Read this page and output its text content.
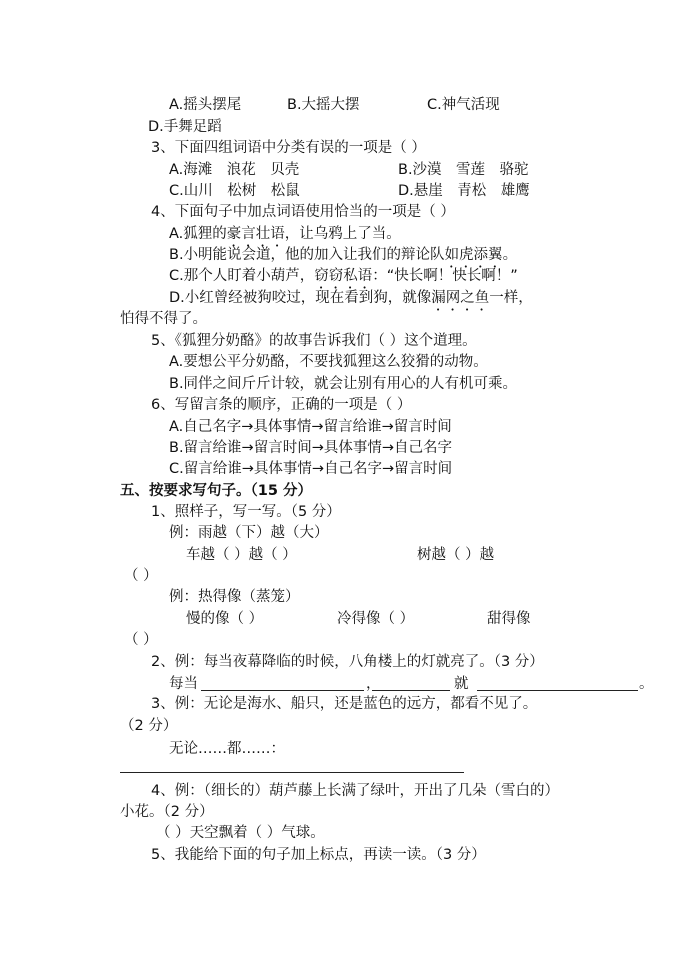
A.摇头摆尾	B.大摇大摆	C.神气活现
D.手舞足蹈
3、下面四组词语中分类有误的一项是（ ）
A.海滩　浪花　贝壳	B.沙漠　雪莲　骆驼
C.山川　松树　松鼠	D.悬崖　青松　雄鹰
4、下面句子中加点词语使用恰当的一项是（ ）
A.狐狸的豪言壮语，让乌鸦上了当。
B.小明能说会道，他的加入让我们的辩论队如虎添翼。
C.那个人盯着小葫芦，窃窃私语：“快长啊！快长啊！”
D.小红曾经被狗咬过，现在看到狗，就像漏网之鱼一样，
怕得不得了。
5、《狐狸分奶酪》的故事告诉我们（ ）这个道理。
A.要想公平分奶酪，不要找狐狸这么狡猾的动物。
B.同伴之间斤斤计较，就会让别有用心的人有机可乘。
6、写留言条的顺序，正确的一项是（ ）
A.自己名字→具体事情→留言给谁→留言时间
B.留言给谁→留言时间→具体事情→自己名字
C.留言给谁→具体事情→自己名字→留言时间
五、按要求写句子。（15 分）
1、照样子，写一写。（5 分）
例：雨越（下）越（大）
车越（ ）越（ ）	树越（ ）越
（ ）
例：热得像（蒸笼）
慢的像（ ）	冷得像（ ）	甜得像
（ ）
2、例：每当夜幕降临的时候，八角楼上的灯就亮了。（3 分）
每当	，	就	。
3、例：无论是海水、船只，还是蓝色的远方，都看不见了。
（2 分）
无论……都……：
4、例：（细长的）葫芦藤上长满了绿叶，开出了几朵（雪白的）
小花。（2 分）
（ ）天空飘着（ ）气球。
5、我能给下面的句子加上标点，再读一读。（3 分）
